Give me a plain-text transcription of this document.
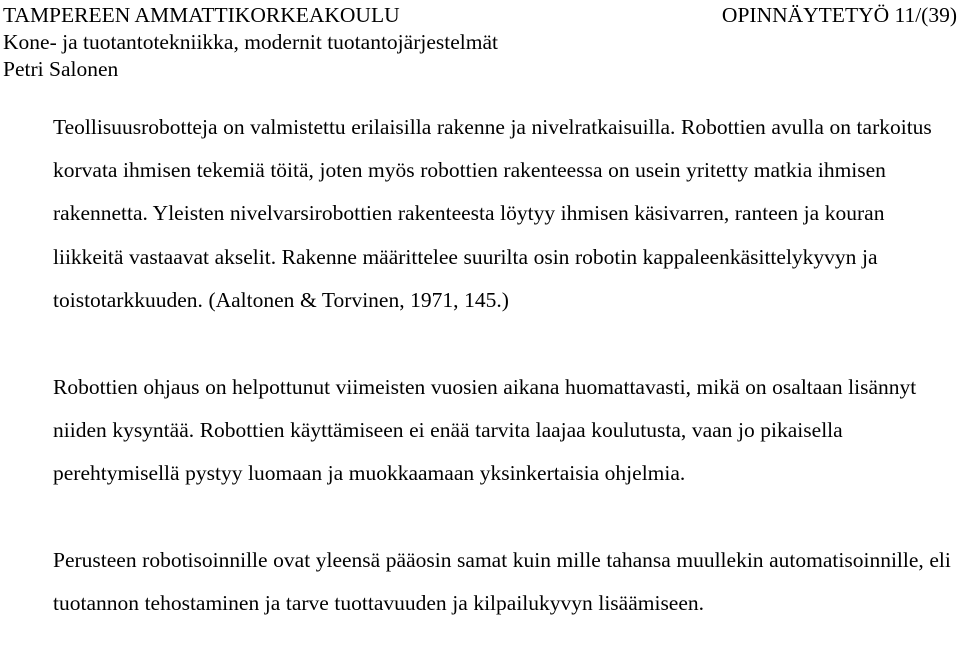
TAMPEREEN AMMATTIKORKEAKOULU	OPINNÄYTETYÖ 11/(39)
Kone- ja tuotantotekniikka, modernit tuotantojärjestelmät
Petri Salonen

Teollisuusrobotteja on valmistettu erilaisilla rakenne ja nivelratkaisuilla. Robottien avulla on tarkoitus korvata ihmisen tekemiä töitä, joten myös robottien rakenteessa on usein yritetty matkia ihmisen rakennetta. Yleisten nivelvarsirobottien rakenteesta löytyy ihmisen käsivarren, ranteen ja kouran liikkeitä vastaavat akselit. Rakenne määrittelee suurilta osin robotin kappaleenkäsittelykyvyn ja toistotarkkuuden. (Aaltonen & Torvinen, 1971, 145.)

Robottien ohjaus on helpottunut viimeisten vuosien aikana huomattavasti, mikä on osaltaan lisännyt niiden kysyntää. Robottien käyttämiseen ei enää tarvita laajaa koulutusta, vaan jo pikaisella perehtymisellä pystyy luomaan ja muokkaamaan yksinkertaisia ohjelmia.

Perusteen robotisoinnille ovat yleensä pääosin samat kuin mille tahansa muullekin automatisoinnille, eli tuotannon tehostaminen ja tarve tuottavuuden ja kilpailukyvyn lisäämiseen.
